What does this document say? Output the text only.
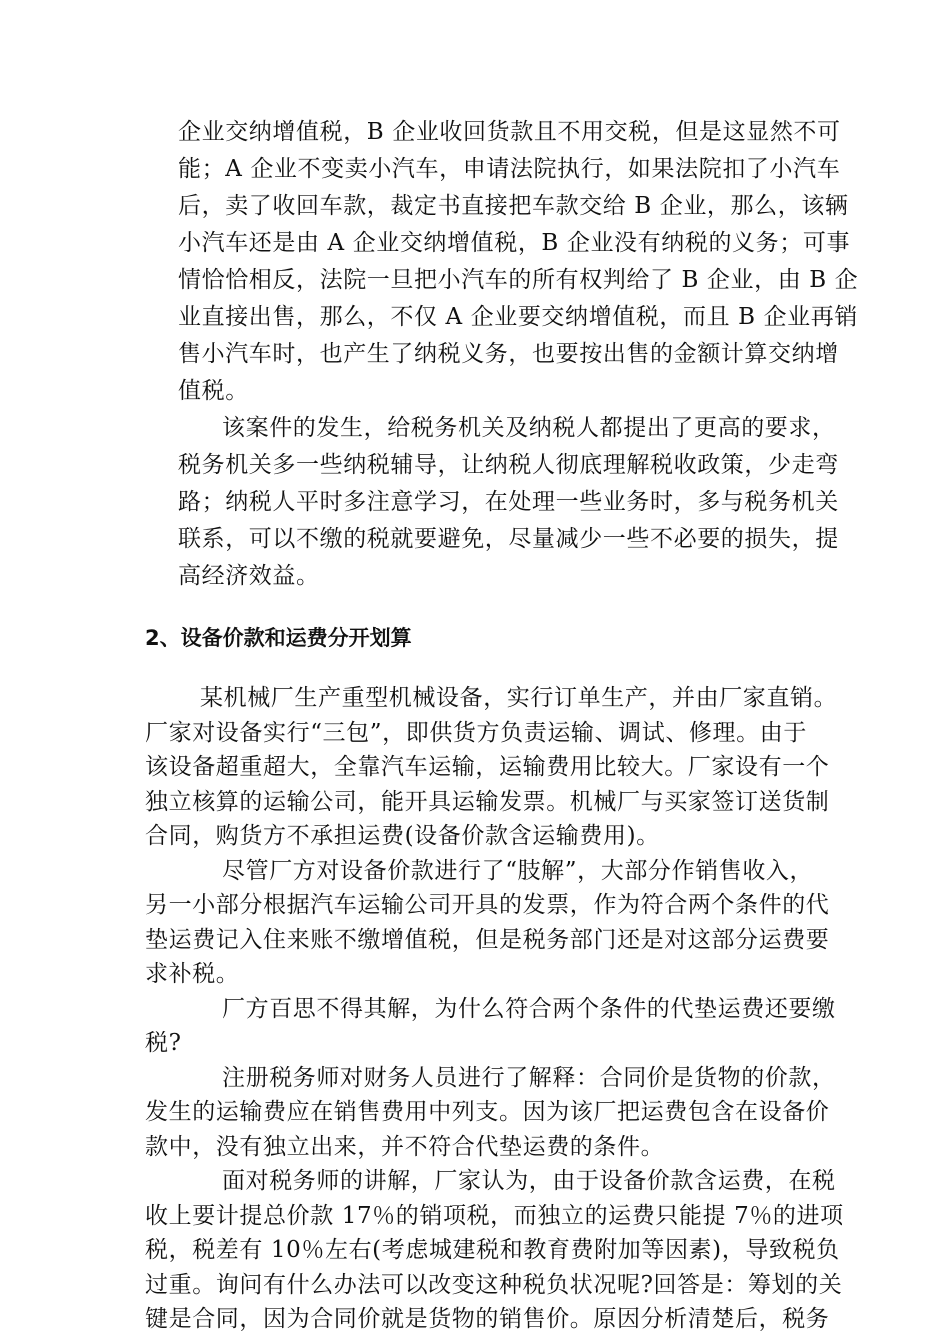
企业交纳增值税，B 企业收回货款且不用交税，但是这显然不可
能；A 企业不变卖小汽车，申请法院执行，如果法院扣了小汽车
后，卖了收回车款，裁定书直接把车款交给 B 企业，那么，该辆
小汽车还是由 A 企业交纳增值税，B 企业没有纳税的义务；可事
情恰恰相反，法院一旦把小汽车的所有权判给了 B 企业，由 B 企
业直接出售，那么，不仅 A 企业要交纳增值税，而且 B 企业再销
售小汽车时，也产生了纳税义务，也要按出售的金额计算交纳增
值税。
该案件的发生，给税务机关及纳税人都提出了更高的要求，
税务机关多一些纳税辅导，让纳税人彻底理解税收政策，少走弯
路；纳税人平时多注意学习，在处理一些业务时，多与税务机关
联系，可以不缴的税就要避免，尽量减少一些不必要的损失，提
高经济效益。
2、设备价款和运费分开划算
某机械厂生产重型机械设备，实行订单生产，并由厂家直销。
厂家对设备实行“三包”，即供货方负责运输、调试、修理。由于
该设备超重超大，全靠汽车运输，运输费用比较大。厂家设有一个
独立核算的运输公司，能开具运输发票。机械厂与买家签订送货制
合同，购货方不承担运费(设备价款含运输费用)。
尽管厂方对设备价款进行了“肢解”，大部分作销售收入，
另一小部分根据汽车运输公司开具的发票，作为符合两个条件的代
垫运费记入住来账不缴增值税，但是税务部门还是对这部分运费要
求补税。
厂方百思不得其解，为什么符合两个条件的代垫运费还要缴
税?
注册税务师对财务人员进行了解释：合同价是货物的价款，
发生的运输费应在销售费用中列支。因为该厂把运费包含在设备价
款中，没有独立出来，并不符合代垫运费的条件。
面对税务师的讲解，厂家认为，由于设备价款含运费，在税
收上要计提总价款 17％的销项税，而独立的运费只能提 7％的进项
税，税差有 10％左右(考虑城建税和教育费附加等因素)，导致税负
过重。询问有什么办法可以改变这种税负状况呢?回答是：筹划的关
键是合同，因为合同价就是货物的销售价。原因分析清楚后，税务
